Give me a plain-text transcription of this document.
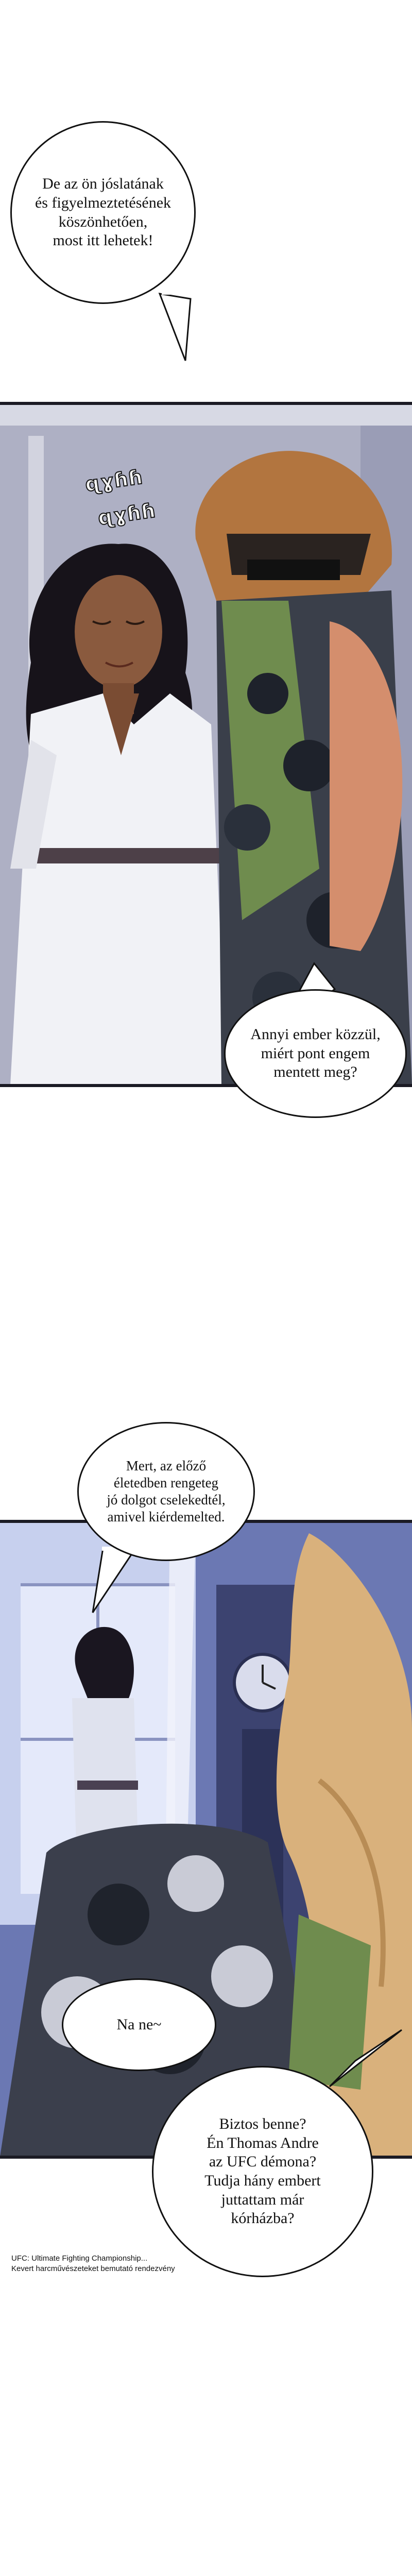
De az ön jóslatának
és figyelmeztetésének
köszönhetően,
most itt lehetek!
ɋɣɦɦ
ɋɣɦɦ
Annyi ember közzül,
miért pont engem
mentett meg?
Mert, az előző
életedben rengeteg
jó dolgot cselekedtél,
amivel kiérdemelted.
Na ne~
Biztos benne?
Én Thomas Andre
az UFC démona?
Tudja hány embert
juttattam már
kórházba?
UFC: Ultimate Fighting Championship...
Kevert harcművészeteket bemutató rendezvény
